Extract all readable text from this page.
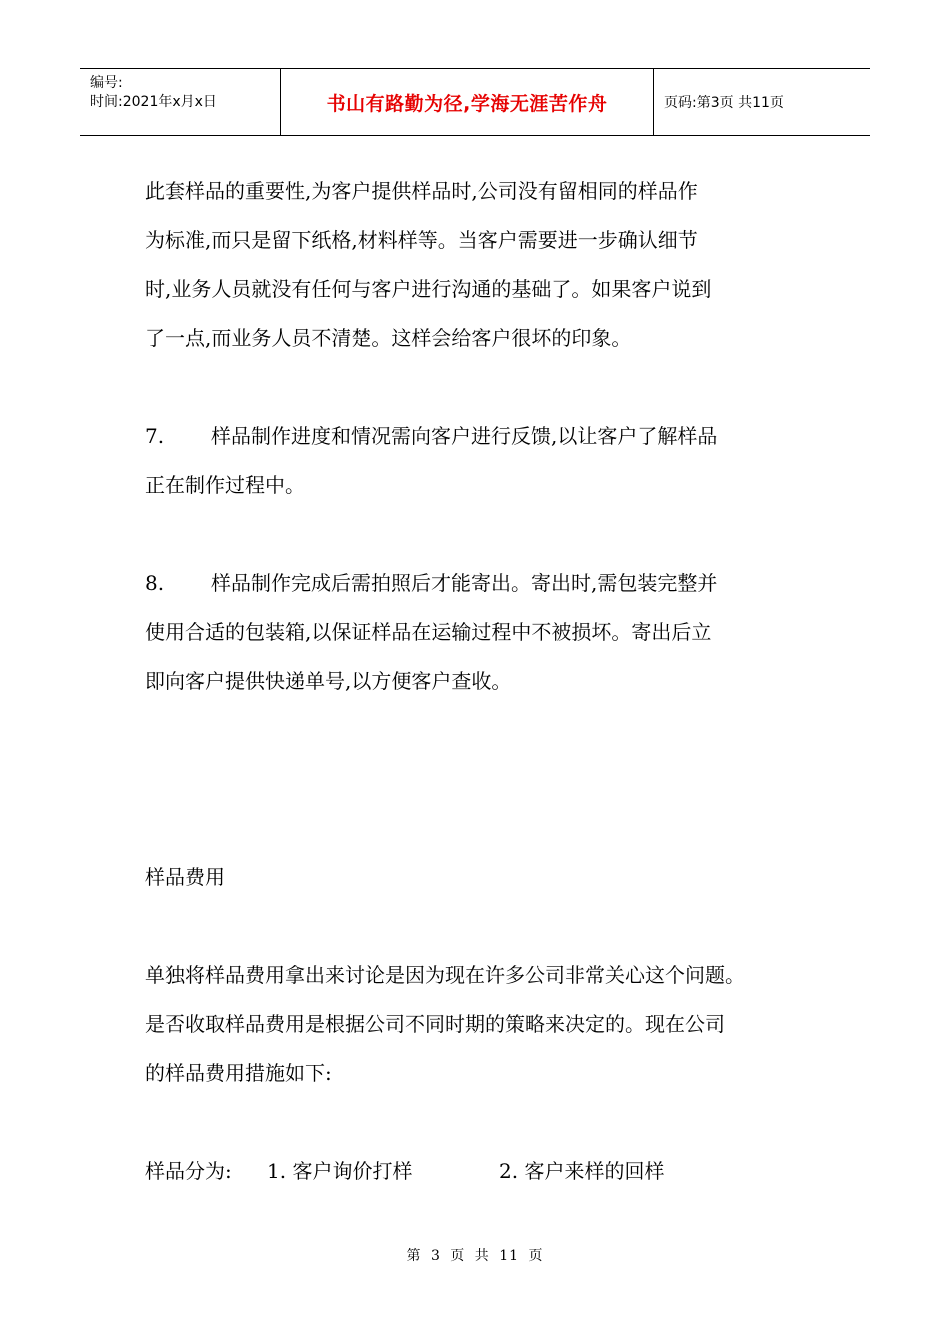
编号:
时间:2021年x月x日	书山有路勤为径,学海无涯苦作舟	页码:第3页 共11页
此套样品的重要性,为客户提供样品时,公司没有留相同的样品作
为标准,而只是留下纸格,材料样等。当客户需要进一步确认细节
时,业务人员就没有任何与客户进行沟通的基础了。如果客户说到
了一点,而业务人员不清楚。这样会给客户很坏的印象。
7. 样品制作进度和情况需向客户进行反馈,以让客户了解样品
正在制作过程中。
8. 样品制作完成后需拍照后才能寄出。寄出时,需包装完整并
使用合适的包装箱,以保证样品在运输过程中不被损坏。寄出后立
即向客户提供快递单号,以方便客户查收。
样品费用
单独将样品费用拿出来讨论是因为现在许多公司非常关心这个问题。
是否收取样品费用是根据公司不同时期的策略来决定的。现在公司
的样品费用措施如下:
样品分为: 1. 客户询价打样	2. 客户来样的回样
第 3 页 共 11 页
